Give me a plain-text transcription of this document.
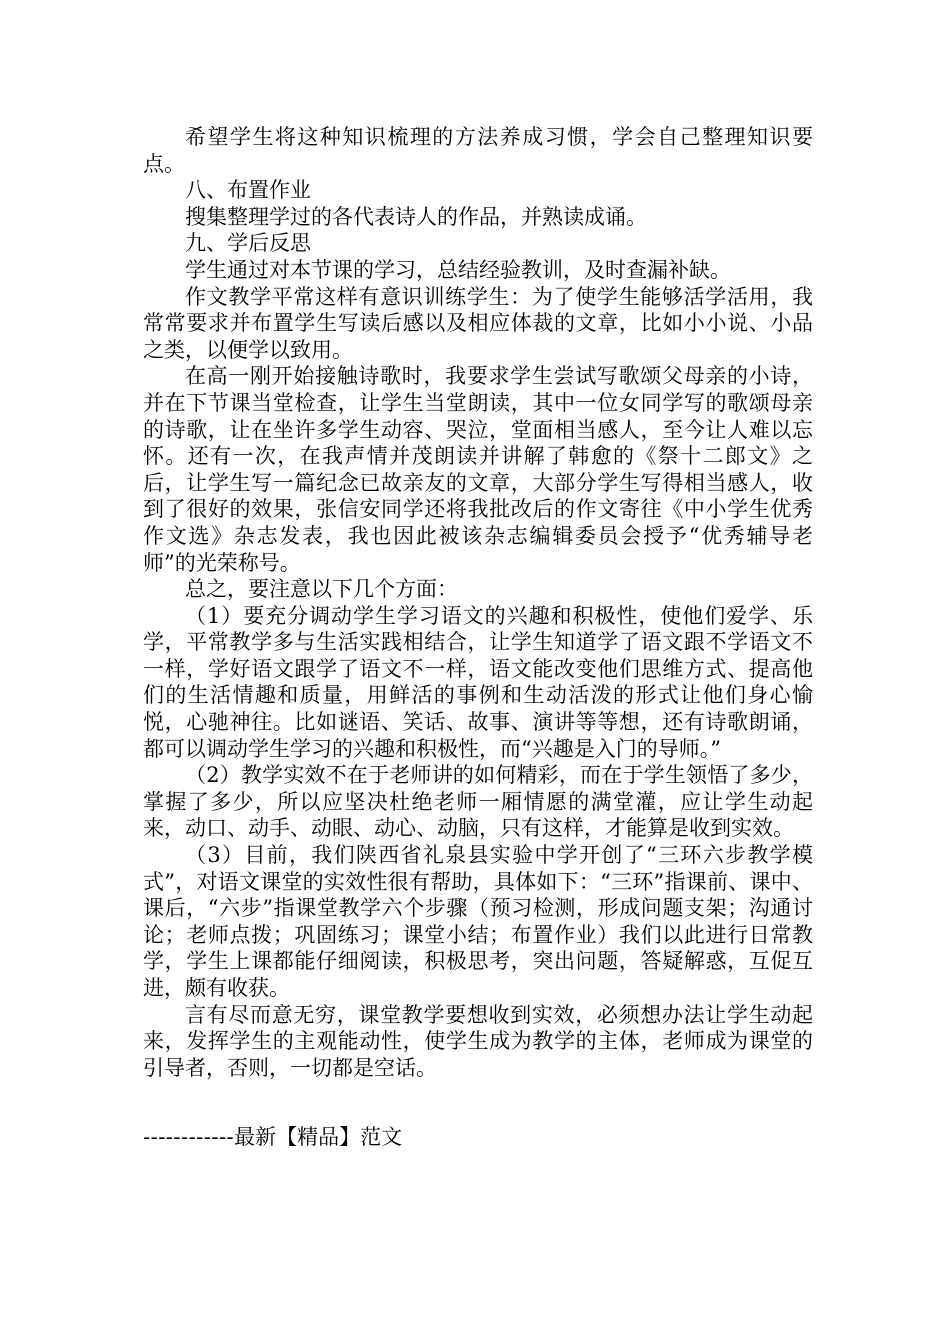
希望学生将这种知识梳理的方法养成习惯，学会自己整理知识要点。

八、布置作业

搜集整理学过的各代表诗人的作品，并熟读成诵。

九、学后反思

学生通过对本节课的学习，总结经验教训，及时查漏补缺。

作文教学平常这样有意识训练学生：为了使学生能够活学活用，我常常要求并布置学生写读后感以及相应体裁的文章，比如小小说、小品之类，以便学以致用。

在高一刚开始接触诗歌时，我要求学生尝试写歌颂父母亲的小诗，并在下节课当堂检查，让学生当堂朗读，其中一位女同学写的歌颂母亲的诗歌，让在坐许多学生动容、哭泣，堂面相当感人，至今让人难以忘怀。还有一次，在我声情并茂朗读并讲解了韩愈的《祭十二郎文》之后，让学生写一篇纪念已故亲友的文章，大部分学生写得相当感人，收到了很好的效果，张信安同学还将我批改后的作文寄往《中小学生优秀作文选》杂志发表，我也因此被该杂志编辑委员会授予“优秀辅导老师”的光荣称号。

总之，要注意以下几个方面：

（1）要充分调动学生学习语文的兴趣和积极性，使他们爱学、乐学，平常教学多与生活实践相结合，让学生知道学了语文跟不学语文不一样，学好语文跟学了语文不一样，语文能改变他们思维方式、提高他们的生活情趣和质量，用鲜活的事例和生动活泼的形式让他们身心愉悦，心驰神往。比如谜语、笑话、故事、演讲等等想，还有诗歌朗诵，都可以调动学生学习的兴趣和积极性，而“兴趣是入门的导师。”

（2）教学实效不在于老师讲的如何精彩，而在于学生领悟了多少，掌握了多少，所以应坚决杜绝老师一厢情愿的满堂灌，应让学生动起来，动口、动手、动眼、动心、动脑，只有这样，才能算是收到实效。

（3）目前，我们陕西省礼泉县实验中学开创了“三环六步教学模式”，对语文课堂的实效性很有帮助，具体如下：“三环”指课前、课中、课后，“六步”指课堂教学六个步骤（预习检测，形成问题支架；沟通讨论；老师点拨；巩固练习；课堂小结；布置作业）我们以此进行日常教学，学生上课都能仔细阅读，积极思考，突出问题，答疑解惑，互促互进，颇有收获。

言有尽而意无穷，课堂教学要想收到实效，必须想办法让学生动起来，发挥学生的主观能动性，使学生成为教学的主体，老师成为课堂的引导者，否则，一切都是空话。

------------最新【精品】范文
